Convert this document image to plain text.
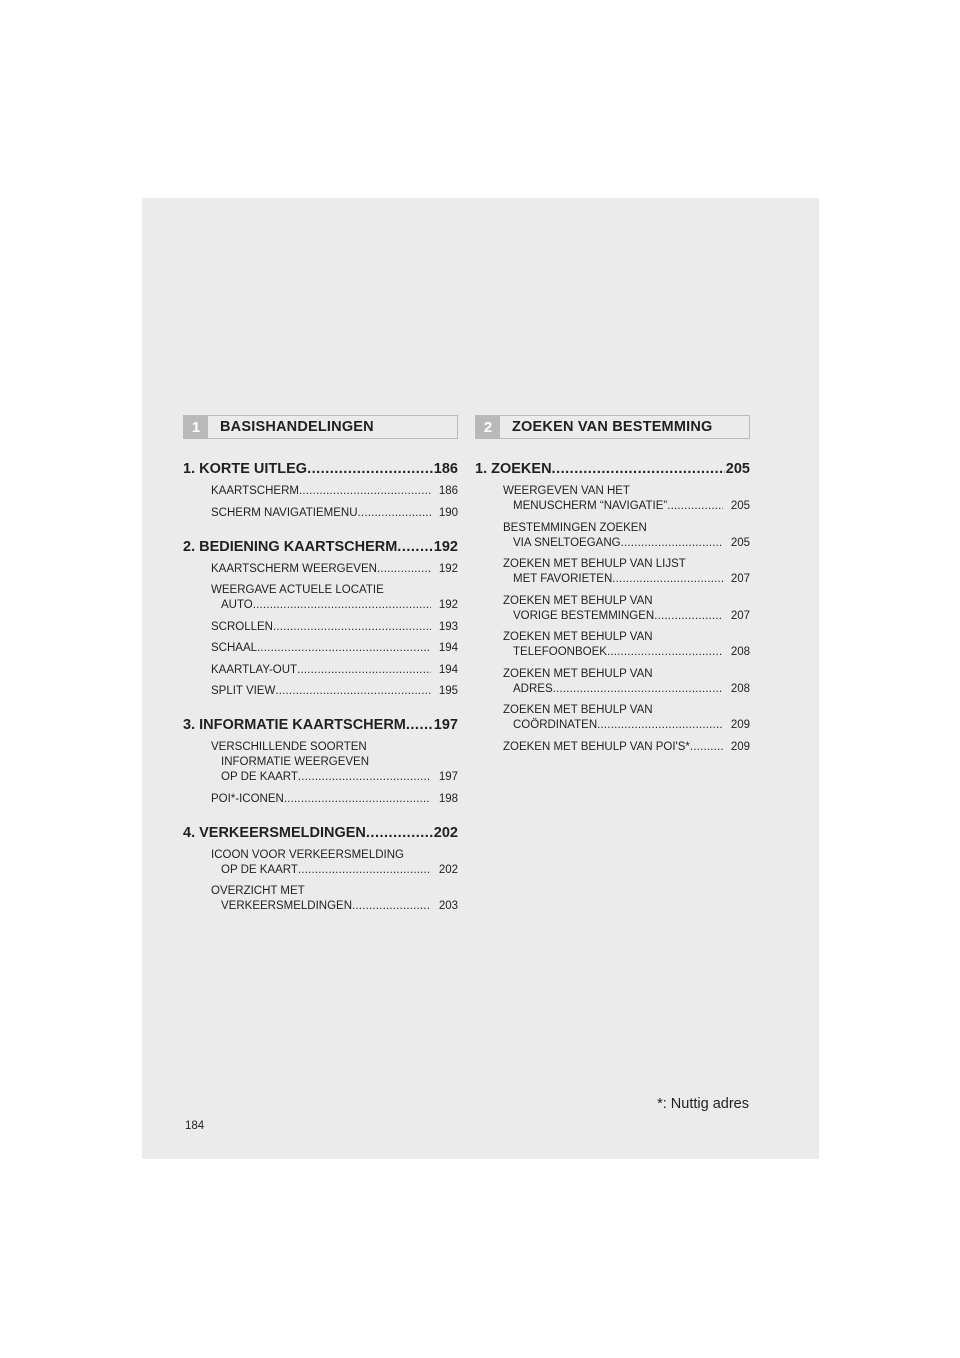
1	BASISHANDELINGEN
1. KORTE UITLEG .....	186
KAARTSCHERM .....	186
SCHERM NAVIGATIEMENU .....	190
2. BEDIENING KAARTSCHERM .....	192
KAARTSCHERM WEERGEVEN .....	192
WEERGAVE ACTUELE LOCATIE
AUTO .....	192
SCROLLEN .....	193
SCHAAL .....	194
KAARTLAY-OUT .....	194
SPLIT VIEW .....	195
3. INFORMATIE KAARTSCHERM ..... 197
VERSCHILLENDE SOORTEN
INFORMATIE WEERGEVEN
OP DE KAART .....	197
POI*-ICONEN .....	198
4. VERKEERSMELDINGEN .....	202
ICOON VOOR VERKEERSMELDING
OP DE KAART .....	202
OVERZICHT MET
VERKEERSMELDINGEN .....	203
2	ZOEKEN VAN BESTEMMING
1. ZOEKEN .....	205
WEERGEVEN VAN HET
MENUSCHERM “NAVIGATIE” .....	205
BESTEMMINGEN ZOEKEN
VIA SNELTOEGANG .....	205
ZOEKEN MET BEHULP VAN LIJST
MET FAVORIETEN .....	207
ZOEKEN MET BEHULP VAN
VORIGE BESTEMMINGEN .....	207
ZOEKEN MET BEHULP VAN
TELEFOONBOEK .....	208
ZOEKEN MET BEHULP VAN
ADRES .....	208
ZOEKEN MET BEHULP VAN
COÖRDINATEN .....	209
ZOEKEN MET BEHULP VAN POI'S* .....	209
*: Nuttig adres
184
